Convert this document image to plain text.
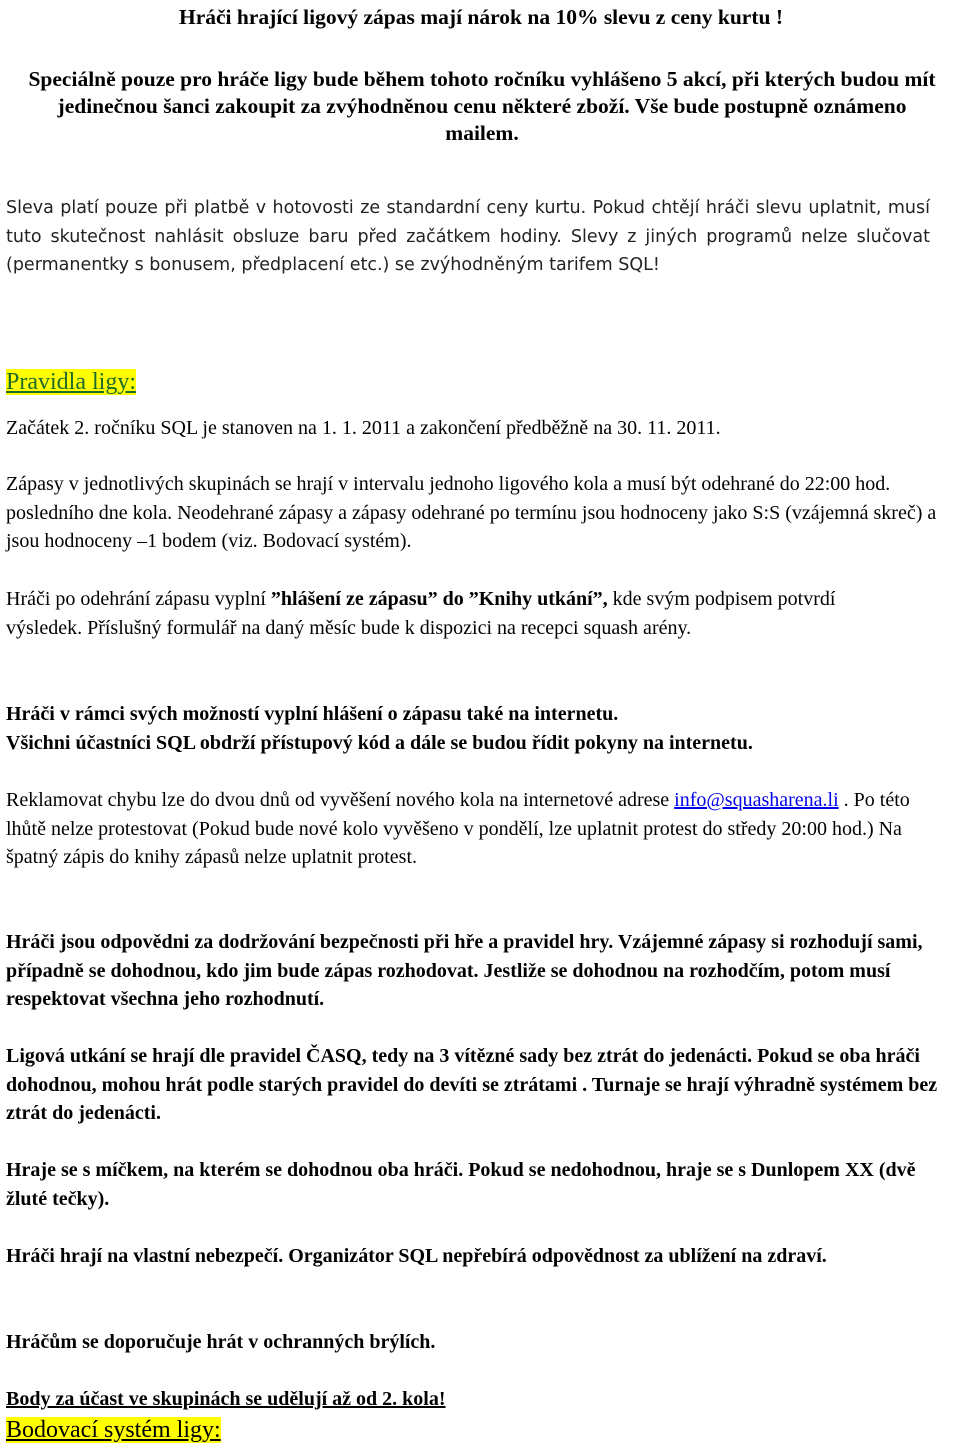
Hráči hrající ligový zápas mají nárok na 10% slevu z ceny kurtu !

Speciálně pouze pro hráče ligy bude během tohoto ročníku vyhlášeno 5 akcí, při kterých budou mít jedinečnou šanci zakoupit za zvýhodněnou cenu některé zboží. Vše bude postupně oznámeno mailem.

Sleva platí pouze při platbě v hotovosti ze standardní ceny kurtu. Pokud chtějí hráči slevu uplatnit, musí tuto skutečnost nahlásit obsluze baru před začátkem hodiny. Slevy z jiných programů nelze slučovat (permanentky s bonusem, předplacení etc.) se zvýhodněným tarifem SQL!

Pravidla ligy:

Začátek 2. ročníku SQL je stanoven na 1. 1. 2011 a zakončení předběžně na 30. 11. 2011.

Zápasy v jednotlivých skupinách se hrají v intervalu jednoho ligového kola a musí být odehrané do 22:00 hod. posledního dne kola. Neodehrané zápasy a zápasy odehrané po termínu jsou hodnoceny jako S:S (vzájemná skreč) a jsou hodnoceny –1 bodem (viz. Bodovací systém).

Hráči po odehrání zápasu vyplní ”hlášení ze zápasu” do ”Knihy utkání”, kde svým podpisem potvrdí výsledek. Příslušný formulář na daný měsíc bude k dispozici na recepci squash arény.

Hráči v rámci svých možností vyplní hlášení o zápasu také na internetu.
Všichni účastníci SQL obdrží přístupový kód a dále se budou řídit pokyny na internetu.

Reklamovat chybu lze do dvou dnů od vyvěšení nového kola na internetové adrese info@squasharena.li . Po této lhůtě nelze protestovat (Pokud bude nové kolo vyvěšeno v pondělí, lze uplatnit protest do středy 20:00 hod.) Na špatný zápis do knihy zápasů nelze uplatnit protest.

Hráči jsou odpovědni za dodržování bezpečnosti při hře a pravidel hry. Vzájemné zápasy si rozhodují sami, případně se dohodnou, kdo jim bude zápas rozhodovat. Jestliže se dohodnou na rozhodčím, potom musí respektovat všechna jeho rozhodnutí.

Ligová utkání se hrají dle pravidel ČASQ, tedy na 3 vítězné sady bez ztrát do jedenácti. Pokud se oba hráči dohodnou, mohou hrát podle starých pravidel do devíti se ztrátami . Turnaje se hrají výhradně systémem bez ztrát do jedenácti.

Hraje se s míčkem, na kterém se dohodnou oba hráči. Pokud se nedohodnou, hraje se s Dunlopem XX (dvě žluté tečky).

Hráči hrají na vlastní nebezpečí. Organizátor SQL nepřebírá odpovědnost za ublížení na zdraví.

Hráčům se doporučuje hrát v ochranných brýlích.

Body za účast ve skupinách se udělují až od 2. kola!

Bodovací systém ligy:
